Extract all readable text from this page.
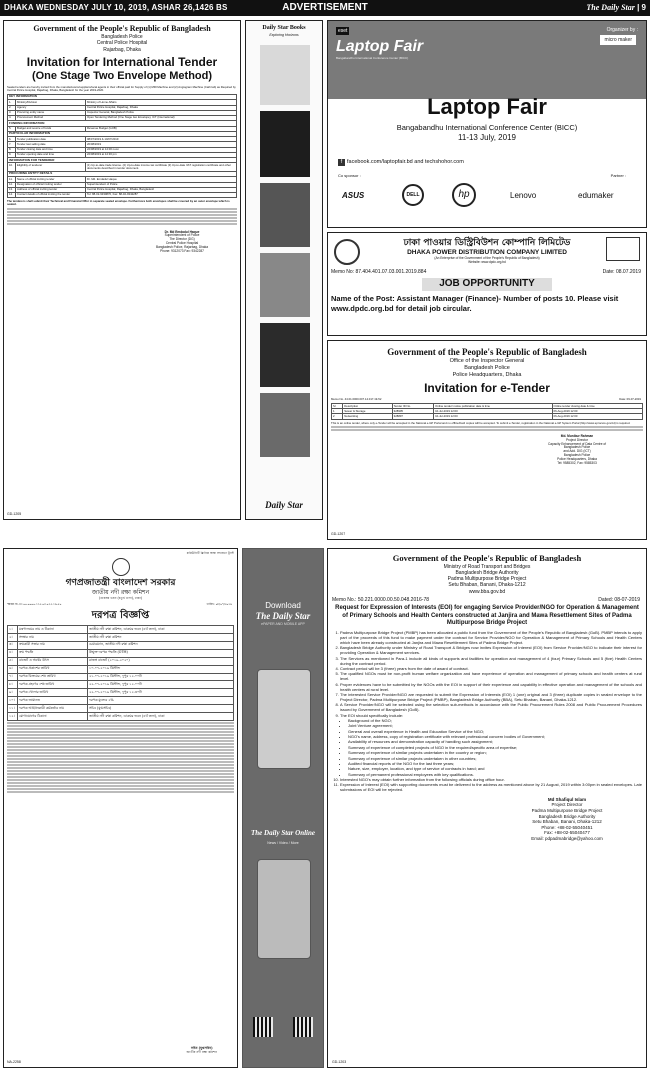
DHAKA WEDNESDAY JULY 10, 2019, ASHAR 26,1426 BS	ADVERTISEMENT	The Daily Star | 9
Government of the People's Republic of Bangladesh
Bangladesh Police
Central Police Hospital
Rajarbag, Dhaka
Invitation for International Tender
(One Stage Two Envelope Method)
Sealed tenders are hereby invited from the manufacturers/suppliers/local agents in their official paid for Supply of (1) MRI Machine and (2) Angiogram Machine (Cath lab) as Required by Central Police Hospital, Rajarbag, Dhaka, Bangladesh for the year 2019-2020.
KEY INFORMATION		
1.	Ministry/Division	Ministry of Home Affairs
2.	Agency	Central Police Hospital, Rajarbag, Dhaka
3.	Procuring entity name	Inspector General, Bangladesh Police
4.	Procurement Method	Open Tendering Method (One Stage two Envelope), ICT (International)
FUNDING INFORMATION		
5.	Budget and source of funds	Revenue Budget (GOB)
PARTICULAR INFORMATION		
6.	Tender publication date	08/07/2019 & 10/07/2019
7.	Tender last selling date	20/08/2019
8.	Tender closing date and time	22/08/2019 at 12:00 noon
9.	Tender opening date and time	22/08/2019 at 12:30 pm
INFORMATION FOR TENDERER		
10.	Eligibility of tenderer	(1) Up-to-date trade license. (2) Up-to-date income tax certificate (3) Up-to-date VAT registration certificate and other documents described in tender document.
PROCURING ENTITY DETAILS		
11.	Name of official inviting tender	Dr. Md. Emdadul Haque
12.	Designation of official inviting tender	Superintendent of Police
13.	Address of official inviting tender	Central Police Hospital, Rajarbag, Dhaka, Bangladesh
14.	Contact details of official inviting the tender	Tel: 88-02-9330870, Fax: 88-02-9342287
The tenderers shall submit their Technical and Financial Offer in separate sealed envelope. Furthermore both envelopes shall be covered by an outer envelope which is sealed.
Dr. Md Emdadul Haque
Superintendent of Police
The Director (DG)
Central Police Hospital
Bangladesh Police, Rajarbag, Dhaka
Phone: 9312073 Fax: 9342287
GD-1205
Daily Star Books
Exploring Horizons
Daily Star
eset
Laptop Fair
Bangabandhu International Conference Center (BICC)
Organizer by :
micro maker
Laptop Fair
Bangabandhu International Conference Center (BICC)
11-13 July, 2019
f facebook.com/laptopfair.bd and techshohor.com
Co sponsor :	Partner :
ASUS	DELL	hp	Lenovo	edumaker
ঢাকা পাওয়ার ডিস্ট্রিবিউশন কোম্পানি লিমিটেড
DHAKA POWER DISTRIBUTION COMPANY LIMITED
(An Enterprise of the Government of the People's Republic of Bangladesh)
Website: www.dpdc.org.bd
Memo No: 87.404.401.07.03.001.2019.884	Date: 08.07.2019
JOB OPPORTUNITY
Name of the Post: Assistant Manager (Finance)- Number of posts 10. Please visit www.dpdc.org.bd for detail job circular.
Government of the People's Republic of Bangladesh
Office of the Inspector General
Bangladesh Police
Police Headquarters, Dhaka
Invitation for e-Tender
Memo No. 44.01.0000.007.14.017.19-52	Date: 09-07-2019
Sl	Description	Tender ID No.	Online tender/ notice publication date & time	Online tender closing date & time
1	Sewer & Storage	328905	10-Jul-2019 12:00	06-Aug-2019 12:00
2	Networking	328897	10-Jul-2019 12:00	06-Aug-2019 12:00
This is an online tender, where only e-Tender will be accepted in the National e-GP Portal and no offline/hard copies will be accepted. To submit e-Tender, registration in the National e-GP System Portal (http://www.eprocure.gov.bd) is required.
Md. Munibur Rahman
Project Director
Capacity Enhancement of Data Centre of
Bangladesh Police
and Add. DIG (ICT)
Bangladesh Police
Police Headquarters, Dhaka
Tel: 9585302, Fax: 9585303
GD-1207
কমিউনিটি ক্লিনিক স্বাস্থ্য সহায়তা ট্রাস্ট
গণপ্রজাতন্ত্রী বাংলাদেশ সরকার
জাতীয় নদী রক্ষা কমিশন
(ডাকঘর ভবন (চতুর্থ তলা), ঢাকা)
স্মারক নং-১৮.০০.০০০০.১১৫.০৩.০১৫.১৯-৫০	তারিখ: ০৮/০৭/২০১৯
দরপত্র বিজ্ঞপ্তি
১।	মন্ত্রণালয়ের নাম ও ঠিকানা	জাতীয় নদী রক্ষা কমিশন, ডাকঘর ভবন (৪র্থ তলা), ঢাকা
২।	সংস্থার নাম	জাতীয় নদী রক্ষা কমিশন
৩।	ক্রয়কারী সত্তার নাম	চেয়ারম্যান, জাতীয় নদী রক্ষা কমিশন
৪।	ক্রয় পদ্ধতি	উন্মুক্ত দরপত্র পদ্ধতি (OTM)
৫।	বাজেট ও অর্থের উৎস	রাজস্ব বাজেট (২০১৯-২০২০)
৬।	দরপত্র প্রকাশের তারিখ	১০-০৭-২০১৯ খ্রিস্টাব্দ
৭।	দরপত্র বিক্রয়ের শেষ তারিখ	২১-০৭-২০১৯ খ্রিস্টাব্দ, দুপুর ১২.০০টা
৮।	দরপত্র গ্রহণের শেষ তারিখ	২২-০৭-২০১৯ খ্রিস্টাব্দ, দুপুর ১২.০০টা
৯।	দরপত্র খোলার তারিখ	২২-০৭-২০১৯ খ্রিস্টাব্দ, দুপুর ১২.৩০টা
১০।	দরপত্র জামানত	দরপত্র মূল্যের ২%
১১।	দরপত্র আহ্বানকারী কর্মকর্তার নাম	সচিব (যুগ্মসচিব)
১২।	যোগাযোগের ঠিকানা	জাতীয় নদী রক্ষা কমিশন, ডাকঘর ভবন (৪র্থ তলা), ঢাকা
সচিব (যুগ্মসচিব)
জাতীয় নদী রক্ষা কমিশন
NA-2258
Download
The Daily Star
ePAPER AND MOBILE APP
The Daily Star Online
News / Video / More
Government of the People's Republic of Bangladesh
Ministry of Road Transport and Bridges
Bangladesh Bridge Authority
Padma Multipurpose Bridge Project
Setu Bhaban, Banani, Dhaka-1212
www.bba.gov.bd
Memo No.: 50.221.0000.00.50.048.2016-78	Dated: 08-07-2019
Request for Expression of Interests (EOI) for engaging Service Provider/NGO for Operation & Management of Primary Schools and Health Centers constructed at Janjira and Mawa Resettlement Sites of Padma Multipurpose Bridge Project
1. Padma Multipurpose Bridge Project (PMBP) has been allocated a public fund from the Government of the People's Republic of Bangladesh (GoB). PMBP intends to apply part of the proceeds of this fund to make payment under the contract for Service Provider/NGO for Operation & Management of Primary Schools and Health Centers which have been already constructed at Janjira and Mawa Resettlement Sites of Padma Bridge Project.
2. Bangladesh Bridge Authority under Ministry of Road Transport & Bridges now invites Expression of Interest (EOI) from Service Provider/NGO to indicate their interest for providing Operation & Management services.
3. The Services as mentioned in Para-1 include all kinds of supports and facilities for operation and management of 4 (four) Primary Schools and 5 (five) Health Centers during the contract period.
4. Contract period will be 3 (three) years from the date of award of contract.
5. The qualified NGOs must be non-profit human welfare organization and have experience of operation and management of primary schools and health centers at rural level.
6. Proper evidences have to be submitted by the NGOs with the EOI in support of their experience and capability in effective operation and management of the schools and health centers at rural level.
7. The interested Service Provider/NGO are requested to submit the Expression of Interests (EOI) 1 (one) original and 3 (three) duplicate copies in sealed envelope to the Project Director, Padma Multipurpose Bridge Project (PMBP), Bangladesh Bridge Authority (BBA), Setu Bhaban, Banani, Dhaka-1212.
8. A Service Provider/NGO will be selected using the selection sub-methods in accordance with the Public Procurement Rules 2008 and Public Procurement Procedures issued by Government of Bangladesh (GoB).
9. The EOI should specifically include:
• Background of the NGO;
• Joint Venture agreement;
• General and overall experience in Health and Education Service of the NGO;
• NGO's name, address, copy of registration certificate with relevant professional concern bodies of Government;
• Availability of resources and demonstration capacity of handling such assignment;
• Summary of experience of completed projects of NGO in the required/specific area of expertise;
• Summary of experience of similar projects undertaken in the country or region;
• Summary of experience of similar projects undertaken in other countries;
• Audited financial reports of the NGO for the last three years;
• Nature, size, employer, location, and type of service of contracts in hand; and
• Summary of permanent professional employees with key qualifications.
10. Interested NGO's may obtain further information from the following officials during office hour.
11. Expression of Interest (EOI) with supporting documents must be delivered to the address as mentioned above by 21 August, 2019 within 3:00pm in sealed envelopes. Late submissions of EOI will be rejected.
Md Shafiqul Islam
Project Director
Padma Multipurpose Bridge Project
Bangladesh Bridge Authority
Setu Bhaban, Banani, Dhaka-1212
Phone: +88-02-55040451
Fax: +88-02-55040477
Email: pdpadmabridge@yahoo.com
GD-1203
